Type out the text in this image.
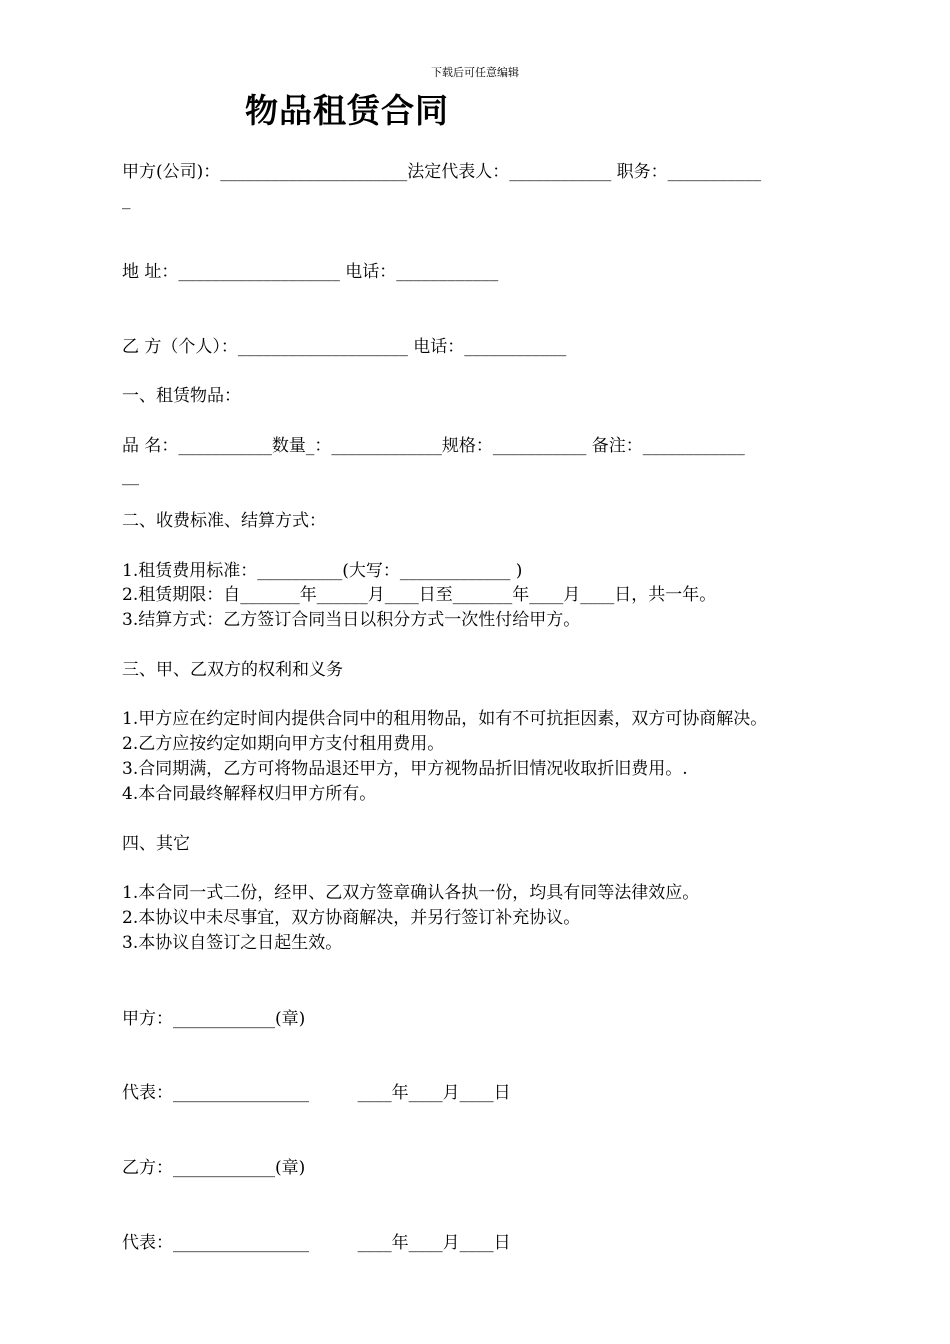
下载后可任意编辑
物品租赁合同

甲方(公司)：______________________法定代表人：____________ 职务：___________

_

地 址：___________________ 电话：____________

乙 方（个人）：____________________ 电话：____________

一、租赁物品：

品 名：___________数量_：_____________规格：___________ 备注：____________

__

二、收费标准、结算方式：

1.租赁费用标准：__________(大写：_____________ )

2.租赁期限：自_______年______月____日至_______年____月____日，共一年。

3.结算方式：乙方签订合同当日以积分方式一次性付给甲方。

三、甲、乙双方的权利和义务

1.甲方应在约定时间内提供合同中的租用物品，如有不可抗拒因素，双方可协商解决。

2.乙方应按约定如期向甲方支付租用费用。

3.合同期满，乙方可将物品退还甲方，甲方视物品折旧情况收取折旧费用。.

4.本合同最终解释权归甲方所有。

四、其它

1.本合同一式二份，经甲、乙双方签章确认各执一份，均具有同等法律效应。

2.本协议中未尽事宜，双方协商解决，并另行签订补充协议。

3.本协议自签订之日起生效。

甲方：____________(章)

代表：________________         ____年____月____日

乙方：____________(章)

代表：________________         ____年____月____日
